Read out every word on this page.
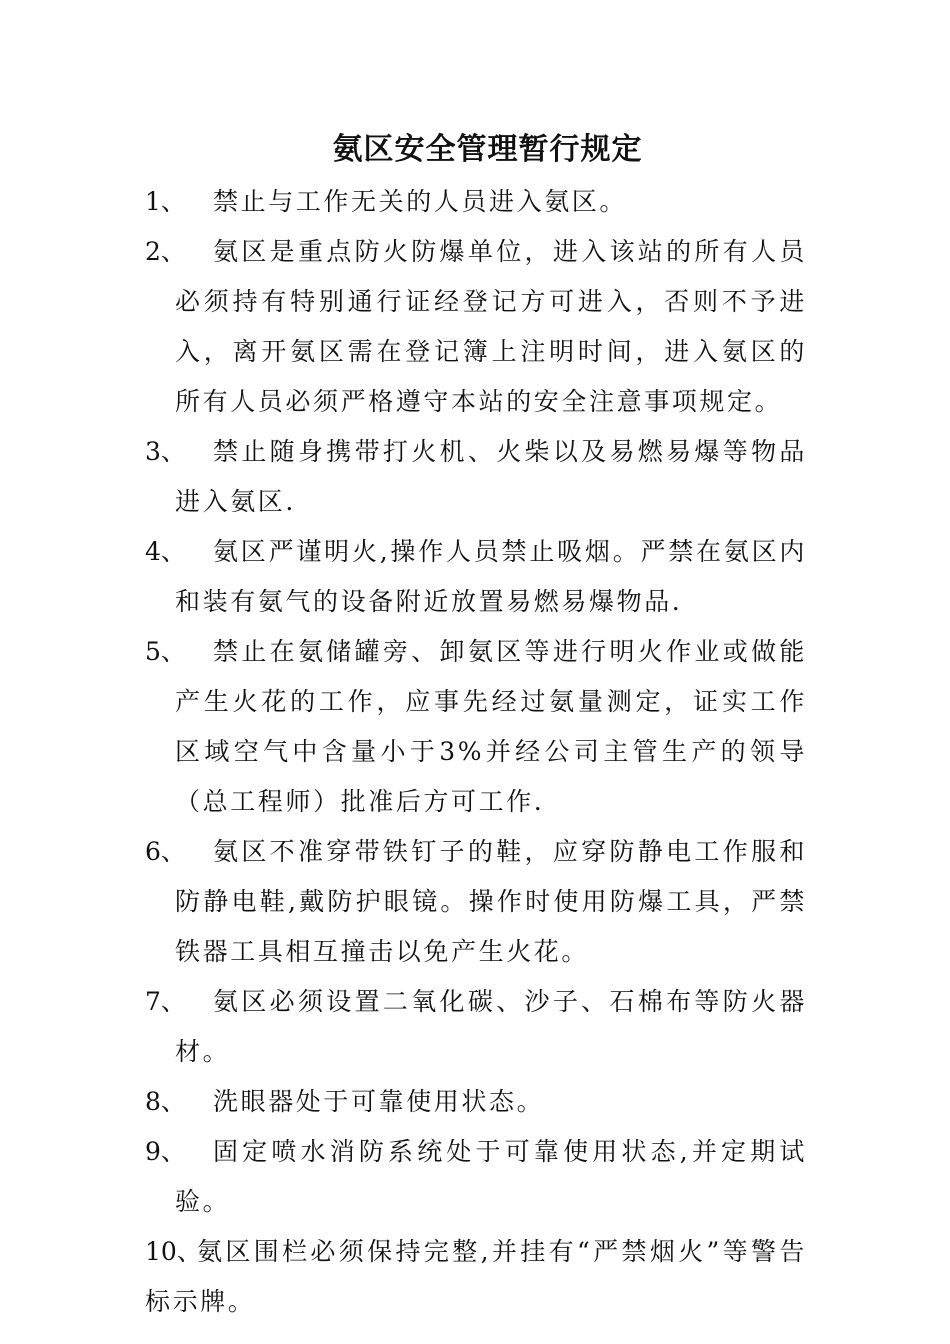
氨区安全管理暂行规定
1、	禁止与工作无关的人员进入氨区。
2、	氨区是重点防火防爆单位，进入该站的所有人员必须持有特别通行证经登记方可进入，否则不予进入，离开氨区需在登记簿上注明时间，进入氨区的所有人员必须严格遵守本站的安全注意事项规定。
3、	禁止随身携带打火机、火柴以及易燃易爆等物品进入氨区.
4、	氨区严谨明火,操作人员禁止吸烟。严禁在氨区内和装有氨气的设备附近放置易燃易爆物品.
5、	禁止在氨储罐旁、卸氨区等进行明火作业或做能产生火花的工作，应事先经过氨量测定，证实工作区域空气中含量小于3%并经公司主管生产的领导（总工程师）批准后方可工作.
6、	氨区不准穿带铁钉子的鞋，应穿防静电工作服和防静电鞋,戴防护眼镜。操作时使用防爆工具，严禁铁器工具相互撞击以免产生火花。
7、	氨区必须设置二氧化碳、沙子、石棉布等防火器材。
8、	洗眼器处于可靠使用状态。
9、	固定喷水消防系统处于可靠使用状态,并定期试验。
10、
氨区围栏必须保持完整,并挂有“严禁烟火”等警告标示牌。
